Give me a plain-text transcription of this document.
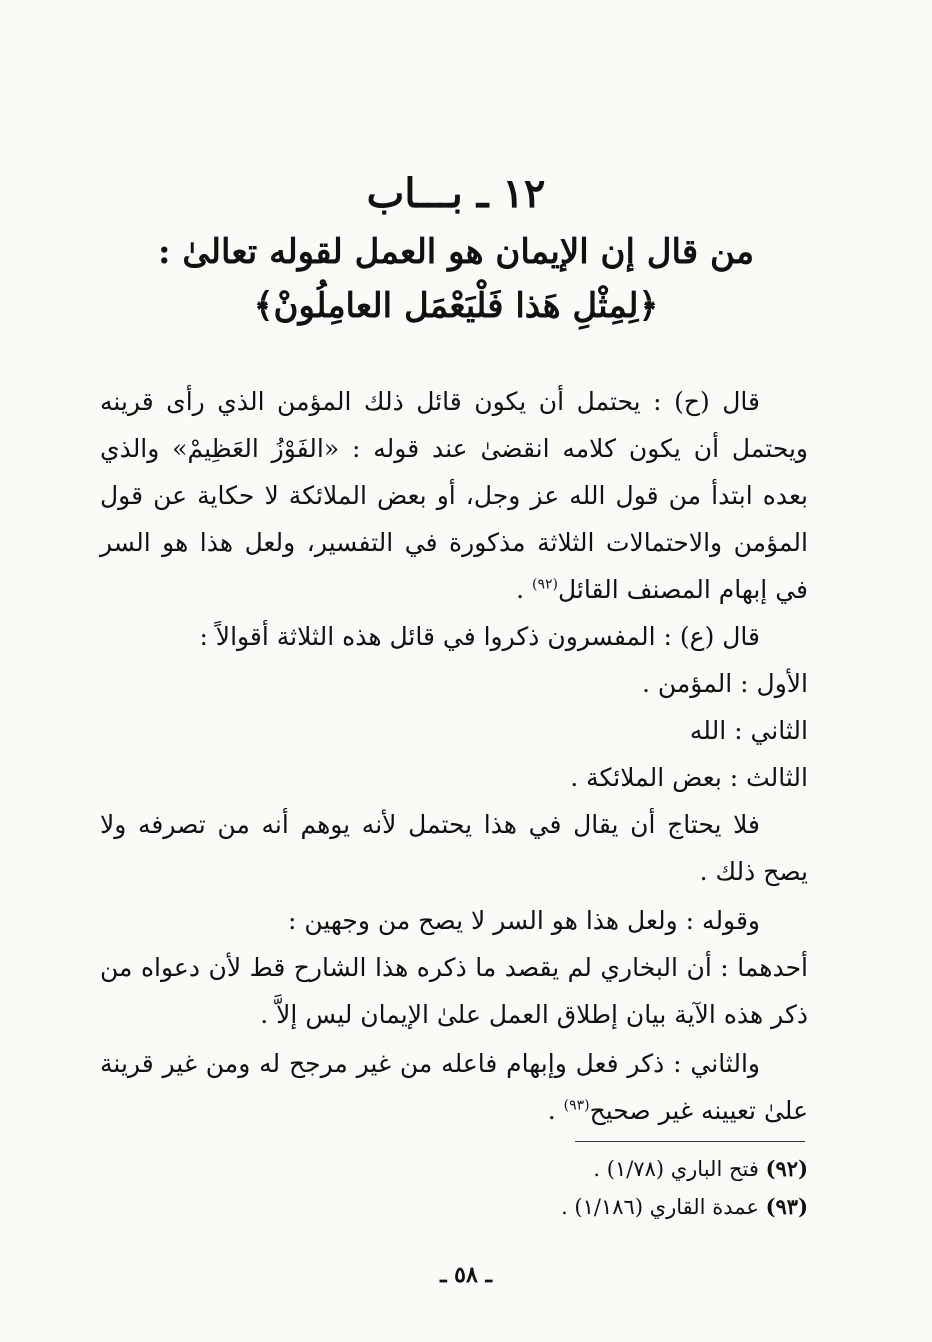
١٢ ـ بـــاب
من قال إن الإيمان هو العمل لقوله تعالىٰ :
﴿لِمِثْلِ هَذا فَلْيَعْمَل العامِلُونْ﴾

قال (ح) : يحتمل أن يكون قائل ذلك المؤمن الذي رأى قرينه ويحتمل أن يكون كلامه انقضىٰ عند قوله : «الفَوْزُ العَظِيمْ» والذي بعده ابتدأ من قول الله عز وجل، أو بعض الملائكة لا حكاية عن قول المؤمن والاحتمالات الثلاثة مذكورة في التفسير، ولعل هذا هو السر في إبهام المصنف القائل$^{(٩٢)}$ .

قال (ع) : المفسرون ذكروا في قائل هذه الثلاثة أقوالاً :

الأول : المؤمن .

الثاني : الله

الثالث : بعض الملائكة .

فلا يحتاج أن يقال في هذا يحتمل لأنه يوهم أنه من تصرفه ولا يصح ذلك .

وقوله : ولعل هذا هو السر لا يصح من وجهين :

أحدهما : أن البخاري لم يقصد ما ذكره هذا الشارح قط لأن دعواه من ذكر هذه الآية بيان إطلاق العمل علىٰ الإيمان ليس إلاَّ .

والثاني : ذكر فعل وإبهام فاعله من غير مرجح له ومن غير قرينة علىٰ تعيينه غير صحيح$^{(٩٣)}$ .

(٩٢) فتح الباري (١/٧٨) .
(٩٣) عمدة القاري (١/١٨٦) .
ـ ٥٨ ـ
